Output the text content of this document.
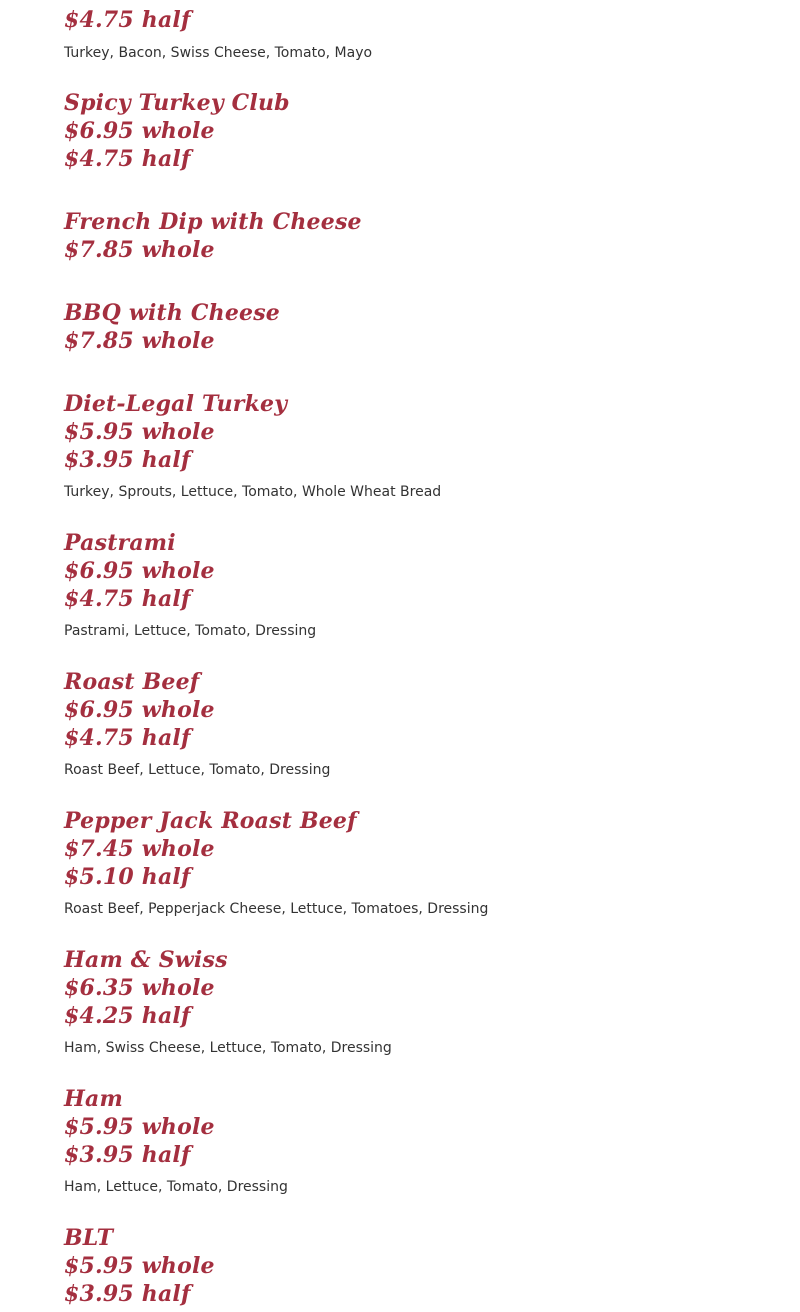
$4.75 half
Turkey, Bacon, Swiss Cheese, Tomato, Mayo
Spicy Turkey Club
$6.95 whole
$4.75 half
French Dip with Cheese
$7.85 whole
BBQ with Cheese
$7.85 whole
Diet-Legal Turkey
$5.95 whole
$3.95 half
Turkey, Sprouts, Lettuce, Tomato, Whole Wheat Bread
Pastrami
$6.95 whole
$4.75 half
Pastrami, Lettuce, Tomato, Dressing
Roast Beef
$6.95 whole
$4.75 half
Roast Beef, Lettuce, Tomato, Dressing
Pepper Jack Roast Beef
$7.45 whole
$5.10 half
Roast Beef, Pepperjack Cheese, Lettuce, Tomatoes, Dressing
Ham & Swiss
$6.35 whole
$4.25 half
Ham, Swiss Cheese, Lettuce, Tomato, Dressing
Ham
$5.95 whole
$3.95 half
Ham, Lettuce, Tomato, Dressing
BLT
$5.95 whole
$3.95 half
